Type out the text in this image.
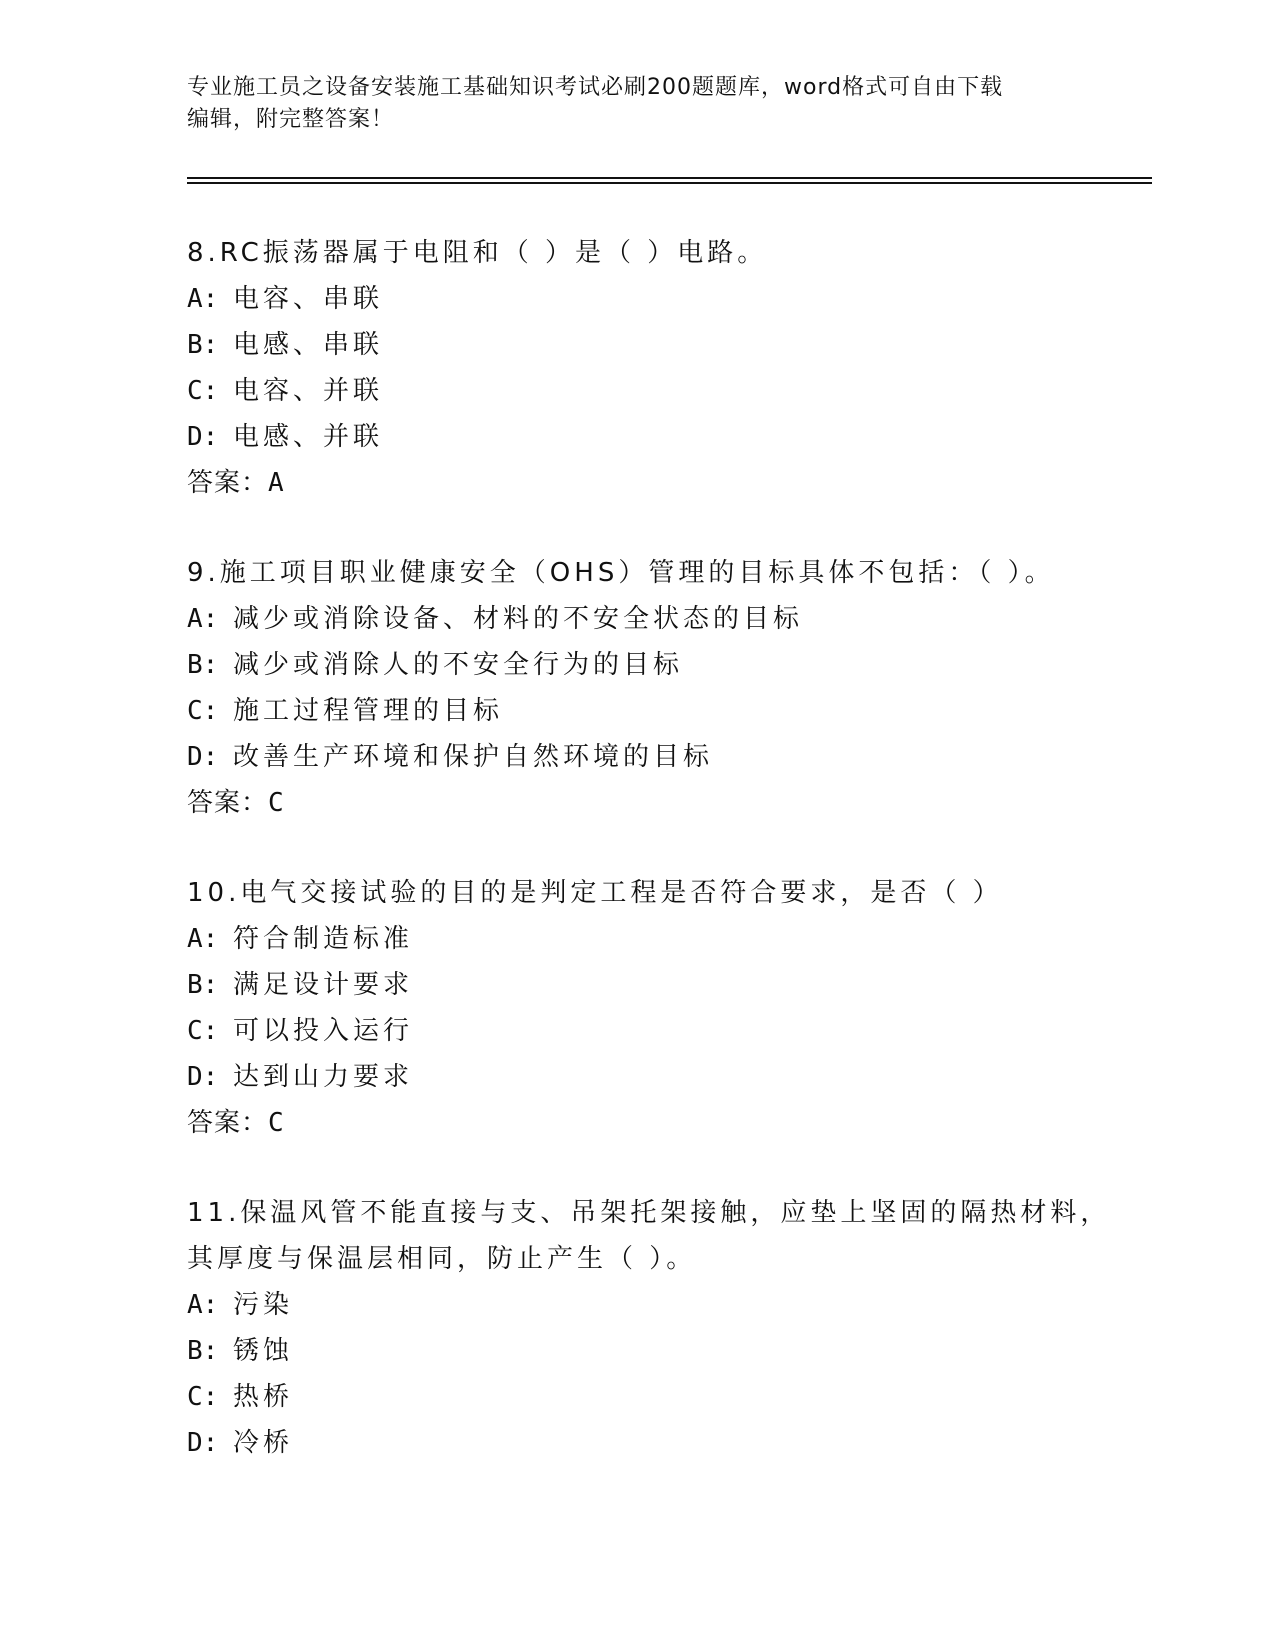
专业施工员之设备安装施工基础知识考试必刷200题题库，word格式可自由下载
编辑，附完整答案！
8.RC振荡器属于电阻和（ ）是（ ）电路。
A: 电容、串联
B: 电感、串联
C: 电容、并联
D: 电感、并联
答案：A
9.施工项目职业健康安全（OHS）管理的目标具体不包括：（ ）。
A: 减少或消除设备、材料的不安全状态的目标
B: 减少或消除人的不安全行为的目标
C: 施工过程管理的目标
D: 改善生产环境和保护自然环境的目标
答案：C
10.电气交接试验的目的是判定工程是否符合要求，是否（ ）
A: 符合制造标准
B: 满足设计要求
C: 可以投入运行
D: 达到山力要求
答案：C
11.保温风管不能直接与支、吊架托架接触，应垫上坚固的隔热材料，
其厚度与保温层相同，防止产生（ ）。
A: 污染
B: 锈蚀
C: 热桥
D: 冷桥
